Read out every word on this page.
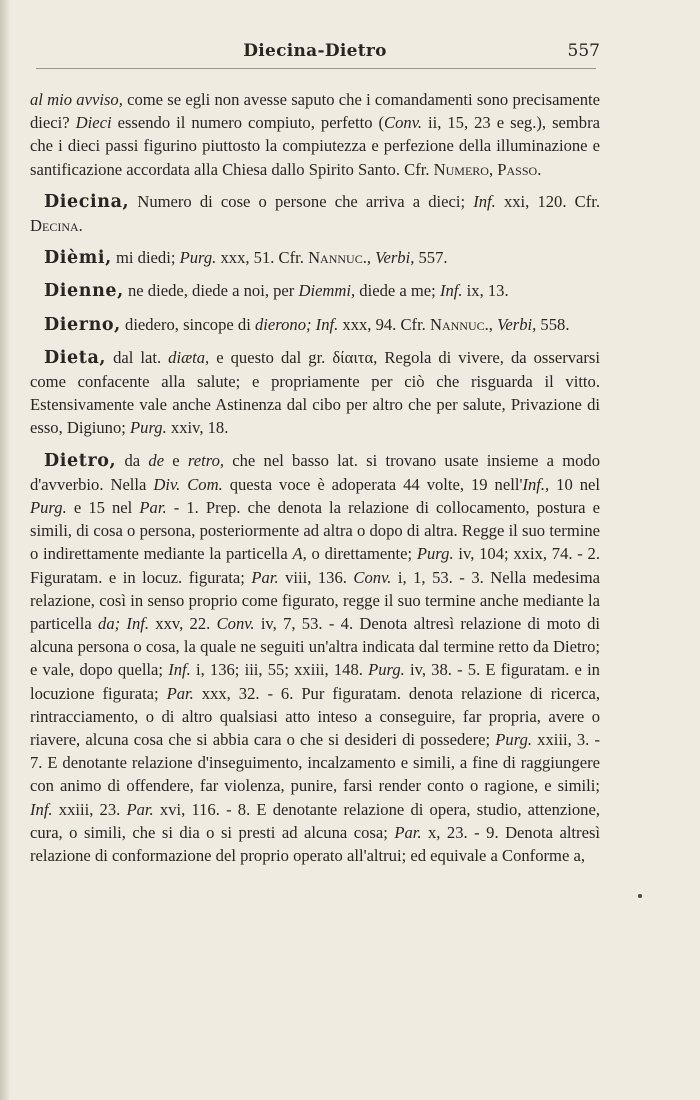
Diecina-Dietro	557

al mio avviso, come se egli non avesse saputo che i comandamenti sono precisamente dieci? Dieci essendo il numero compiuto, perfetto (Conv. ii, 15, 23 e seg.), sembra che i dieci passi figurino piuttosto la compiutezza e perfezione della illuminazione e santificazione accordata alla Chiesa dallo Spirito Santo. Cfr. Numero, Passo.

Diecina, Numero di cose o persone che arriva a dieci; Inf. xxi, 120. Cfr. Decina.

Dièmi, mi diedi; Purg. xxx, 51. Cfr. Nannuc., Verbi, 557.

Dienne, ne diede, diede a noi, per Diemmi, diede a me; Inf. ix, 13.

Dierno, diedero, sincope di dierono; Inf. xxx, 94. Cfr. Nannuc., Verbi, 558.

Dieta, dal lat. diæta, e questo dal gr. δίαιτα, Regola di vivere, da osservarsi come confacente alla salute; e propriamente per ciò che risguarda il vitto. Estensivamente vale anche Astinenza dal cibo per altro che per salute, Privazione di esso, Digiuno; Purg. xxiv, 18.

Dietro, da de e retro, che nel basso lat. si trovano usate insieme a modo d'avverbio. Nella Div. Com. questa voce è adoperata 44 volte, 19 nell'Inf., 10 nel Purg. e 15 nel Par. - 1. Prep. che denota la relazione di collocamento, postura e simili, di cosa o persona, posteriormente ad altra o dopo di altra. Regge il suo termine o indirettamente mediante la particella A, o direttamente; Purg. iv, 104; xxix, 74. - 2. Figuratam. e in locuz. figurata; Par. viii, 136. Conv. i, 1, 53. - 3. Nella medesima relazione, così in senso proprio come figurato, regge il suo termine anche mediante la particella da; Inf. xxv, 22. Conv. iv, 7, 53. - 4. Denota altresì relazione di moto di alcuna persona o cosa, la quale ne seguiti un'altra indicata dal termine retto da Dietro; e vale, dopo quella; Inf. i, 136; iii, 55; xxiii, 148. Purg. iv, 38. - 5. E figuratam. e in locuzione figurata; Par. xxx, 32. - 6. Pur figuratam. denota relazione di ricerca, rintracciamento, o di altro qualsiasi atto inteso a conseguire, far propria, avere o riavere, alcuna cosa che si abbia cara o che si desideri di possedere; Purg. xxiii, 3. - 7. E denotante relazione d'inseguimento, incalzamento e simili, a fine di raggiungere con animo di offendere, far violenza, punire, farsi render conto o ragione, e simili; Inf. xxiii, 23. Par. xvi, 116. - 8. E denotante relazione di opera, studio, attenzione, cura, o simili, che si dia o si presti ad alcuna cosa; Par. x, 23. - 9. Denota altresì relazione di conformazione del proprio operato all'altrui; ed equivale a Conforme a,
